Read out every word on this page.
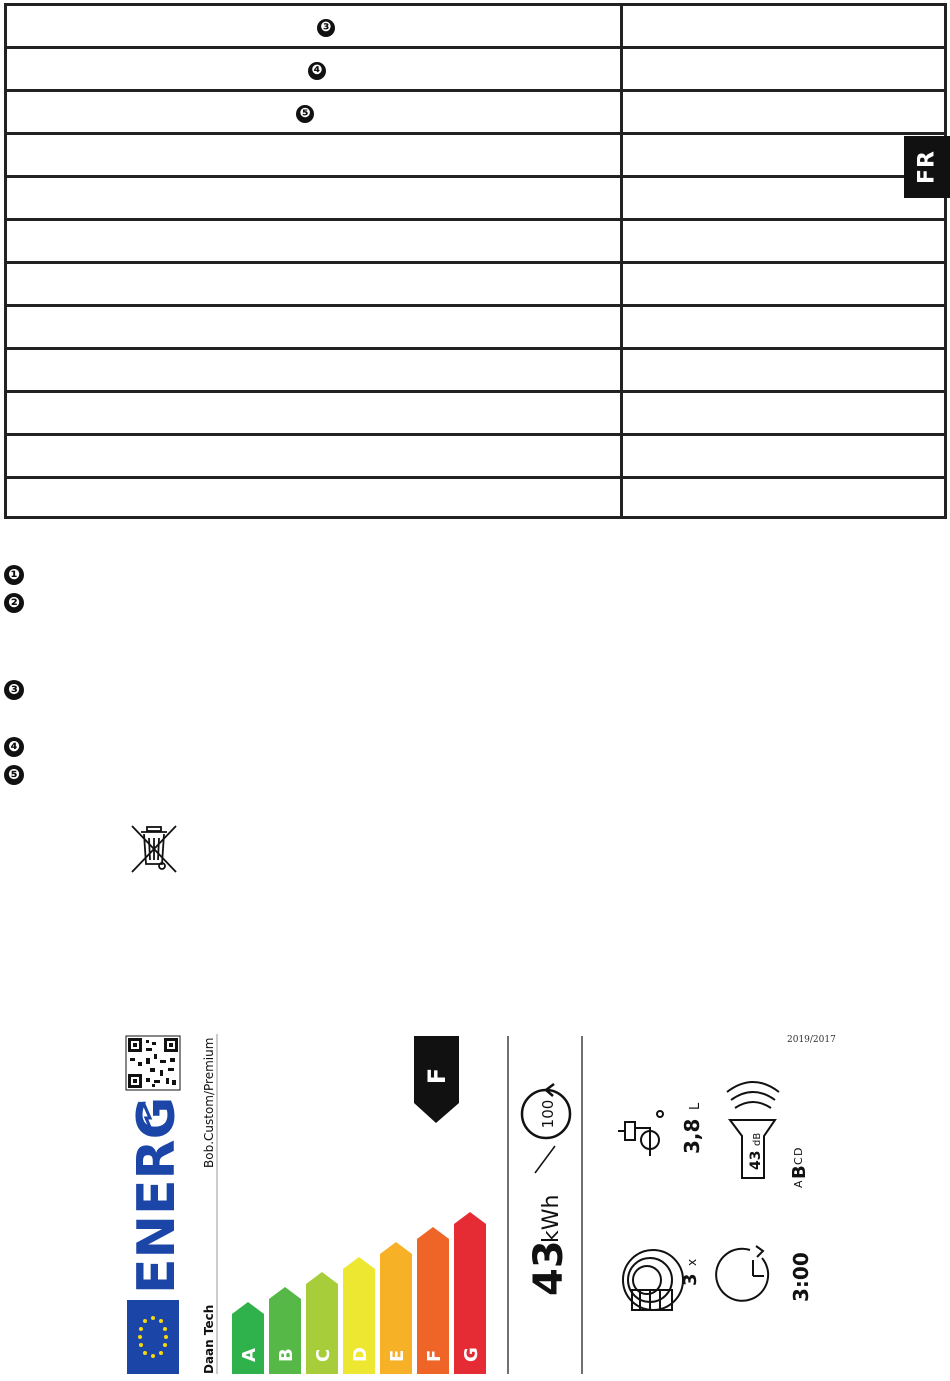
❸
❹
❺
FR
❶
❷
❸
❹
❺
ENERG
Daan Tech
Bob.Custom/Premium
A B C D E F G
F
43
kWh
100
2019/2017
3,8
L
43
dB
A
B
C
D
3
x	3:00
